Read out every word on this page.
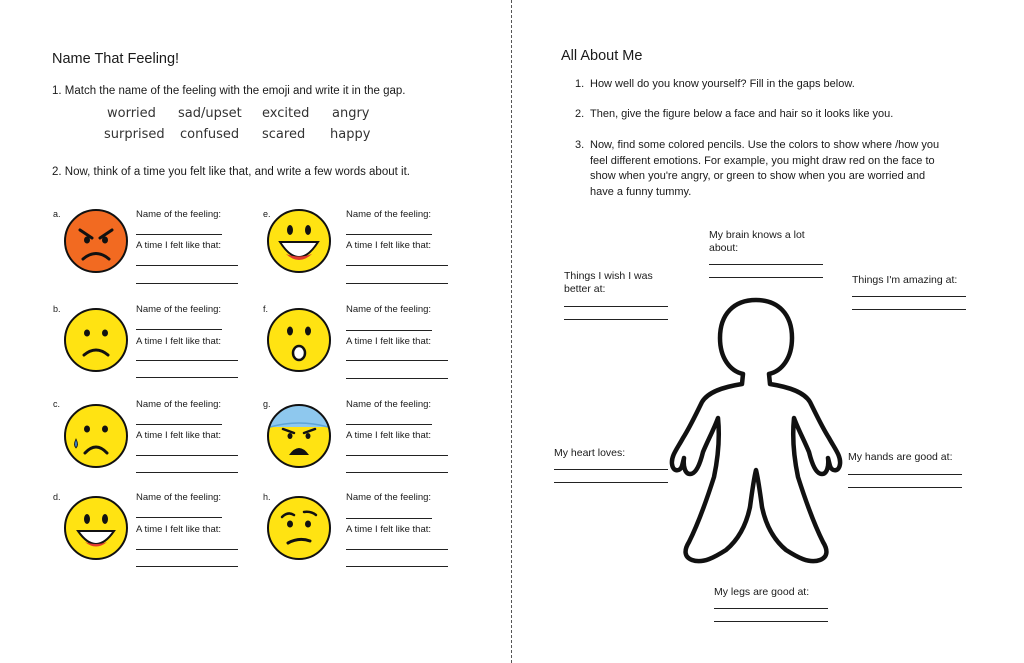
Name That Feeling!
1. Match the name of the feeling with the emoji and write it in the gap.
worried sad/upset excited angry
surprised confused scared happy
2. Now, think of a time you felt like that, and write a few words about it.
a.	Name of the feeling:
A time I felt like that:
b.	Name of the feeling:
A time I felt like that:
c.	Name of the feeling:
A time I felt like that:
d.	Name of the feeling:
A time I felt like that:
e.	Name of the feeling:
A time I felt like that:
f.	Name of the feeling:
A time I felt like that:
g.	Name of the feeling:
A time I felt like that:
h.	Name of the feeling:
A time I felt like that:
All About Me
1. How well do you know yourself? Fill in the gaps below.
2. Then, give the figure below a face and hair so it looks like you.
3. Now, find some colored pencils. Use the colors to show where /how you
feel different emotions. For example, you might draw red on the face to
show when you're angry, or green to show when you are worried and
have a funny tummy.
My brain knows a lot
about:
Things I wish I was
better at:
Things I'm amazing at:
My heart loves:	My hands are good at:
My legs are good at:
